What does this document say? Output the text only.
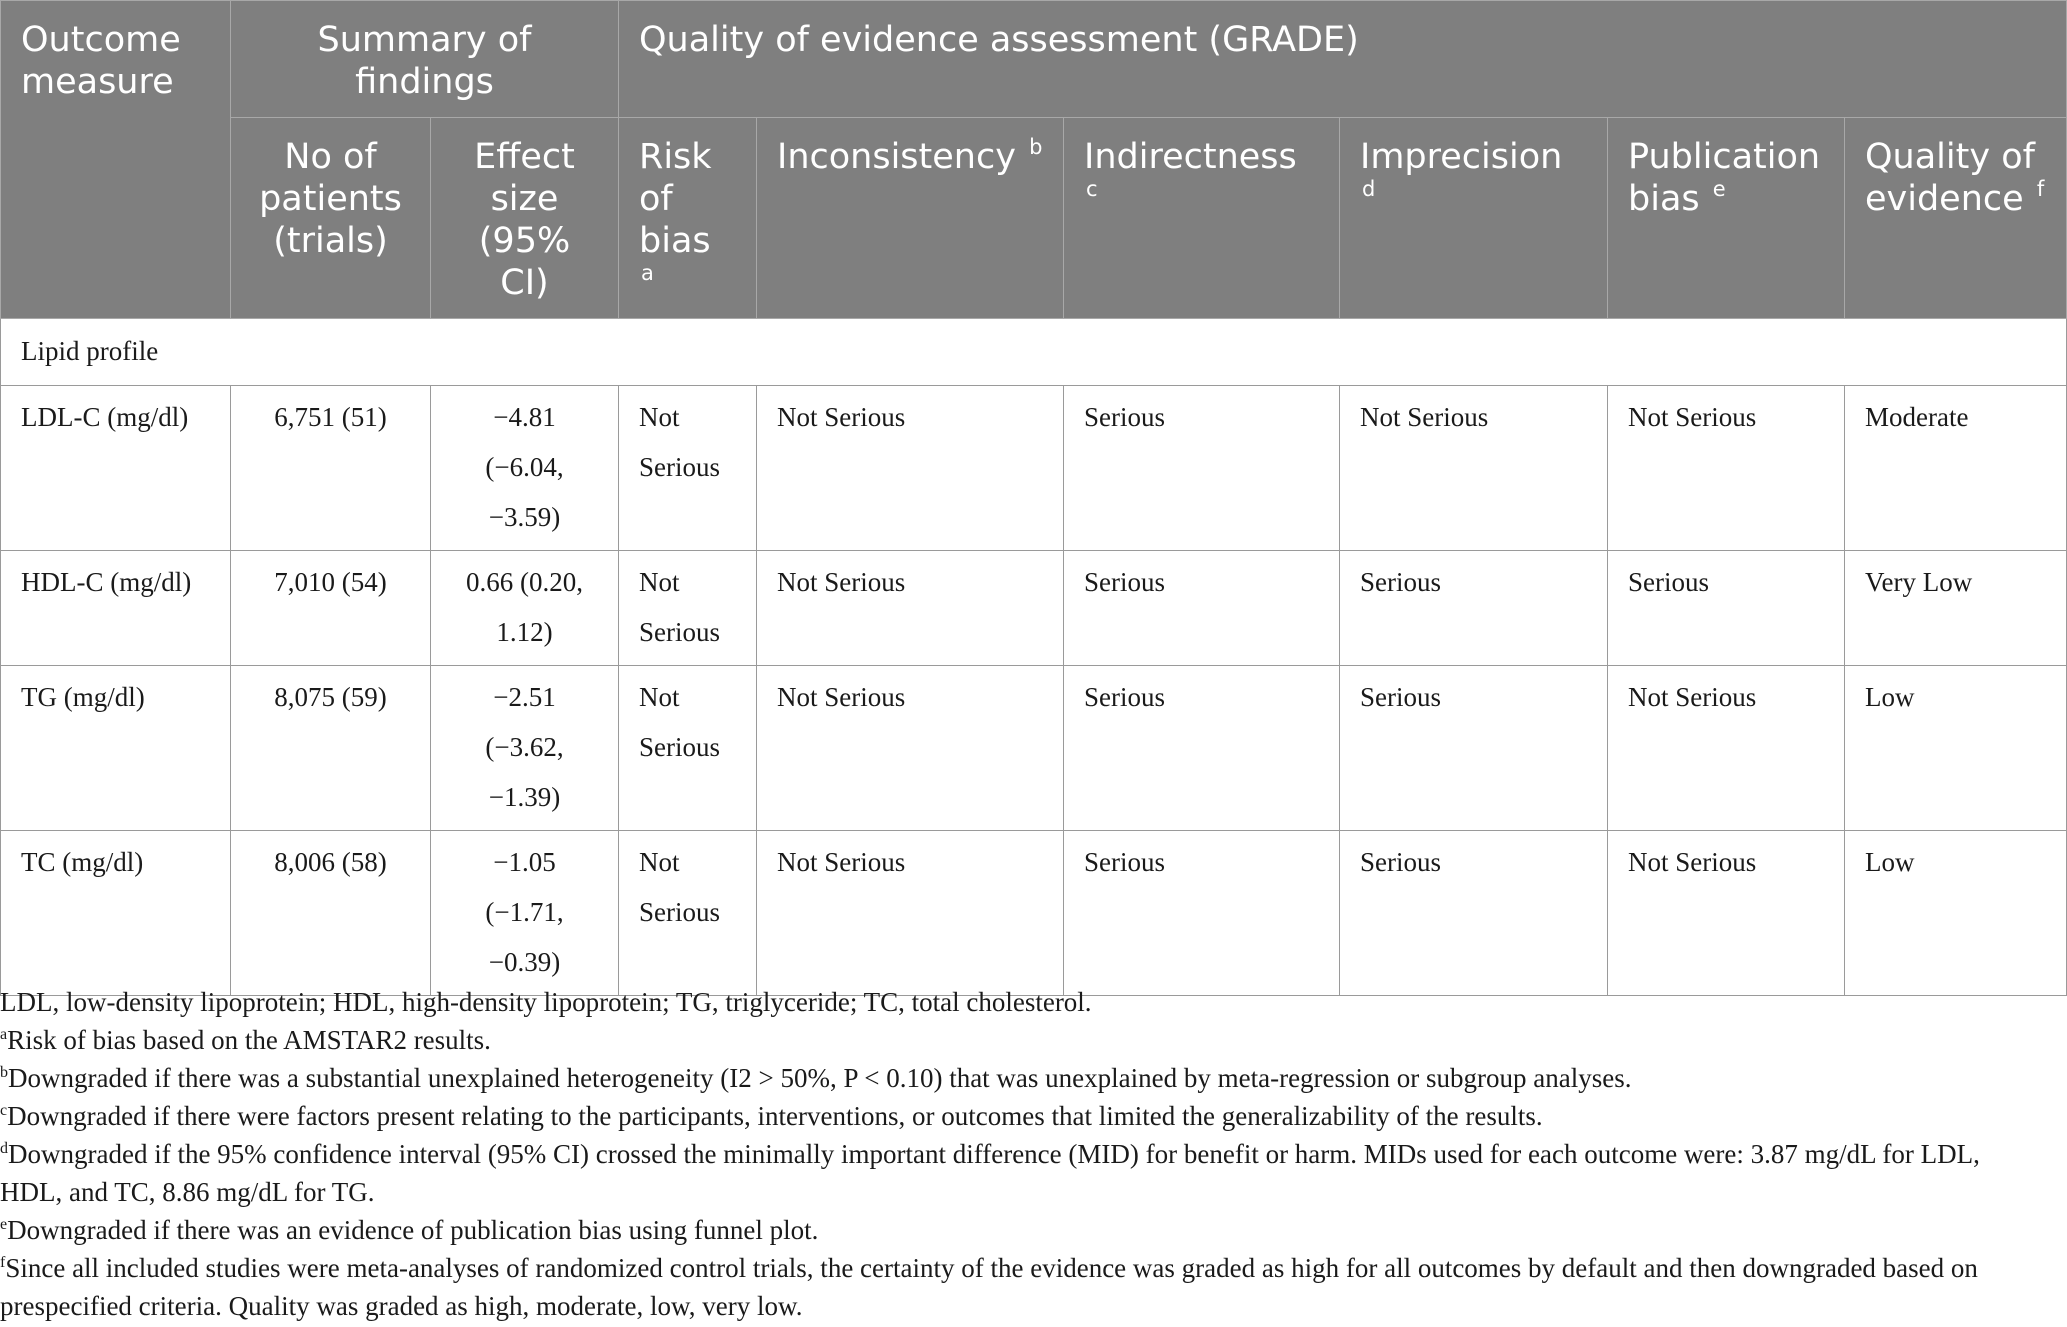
Outcome measure	Summary of findings		Quality of evidence assessment (GRADE)					
	No of patients (trials)	Effect size (95% CI)	Risk of bias $^a$	Inconsistency $^b$	Indirectness $^c$	Imprecision $^d$	Publication bias $^e$	Quality of evidence $^f$
Lipid profile								
LDL-C (mg/dl)	6,751 (51)	−4.81 (−6.04, −3.59)	Not Serious	Not Serious	Serious	Not Serious	Not Serious	Moderate
HDL-C (mg/dl)	7,010 (54)	0.66 (0.20, 1.12)	Not Serious	Not Serious	Serious	Serious	Serious	Very Low
TG (mg/dl)	8,075 (59)	−2.51 (−3.62, −1.39)	Not Serious	Not Serious	Serious	Serious	Not Serious	Low
TC (mg/dl)	8,006 (58)	−1.05 (−1.71, −0.39)	Not Serious	Not Serious	Serious	Serious	Not Serious	Low

LDL, low-density lipoprotein; HDL, high-density lipoprotein; TG, triglyceride; TC, total cholesterol.

$^a$Risk of bias based on the AMSTAR2 results.

$^b$Downgraded if there was a substantial unexplained heterogeneity (I2 > 50%, P < 0.10) that was unexplained by meta-regression or subgroup analyses.

$^c$Downgraded if there were factors present relating to the participants, interventions, or outcomes that limited the generalizability of the results.

$^d$Downgraded if the 95% confidence interval (95% CI) crossed the minimally important difference (MID) for benefit or harm. MIDs used for each outcome were: 3.87 mg/dL for LDL, HDL, and TC, 8.86 mg/dL for TG.

$^e$Downgraded if there was an evidence of publication bias using funnel plot.

$^f$Since all included studies were meta-analyses of randomized control trials, the certainty of the evidence was graded as high for all outcomes by default and then downgraded based on prespecified criteria. Quality was graded as high, moderate, low, very low.
